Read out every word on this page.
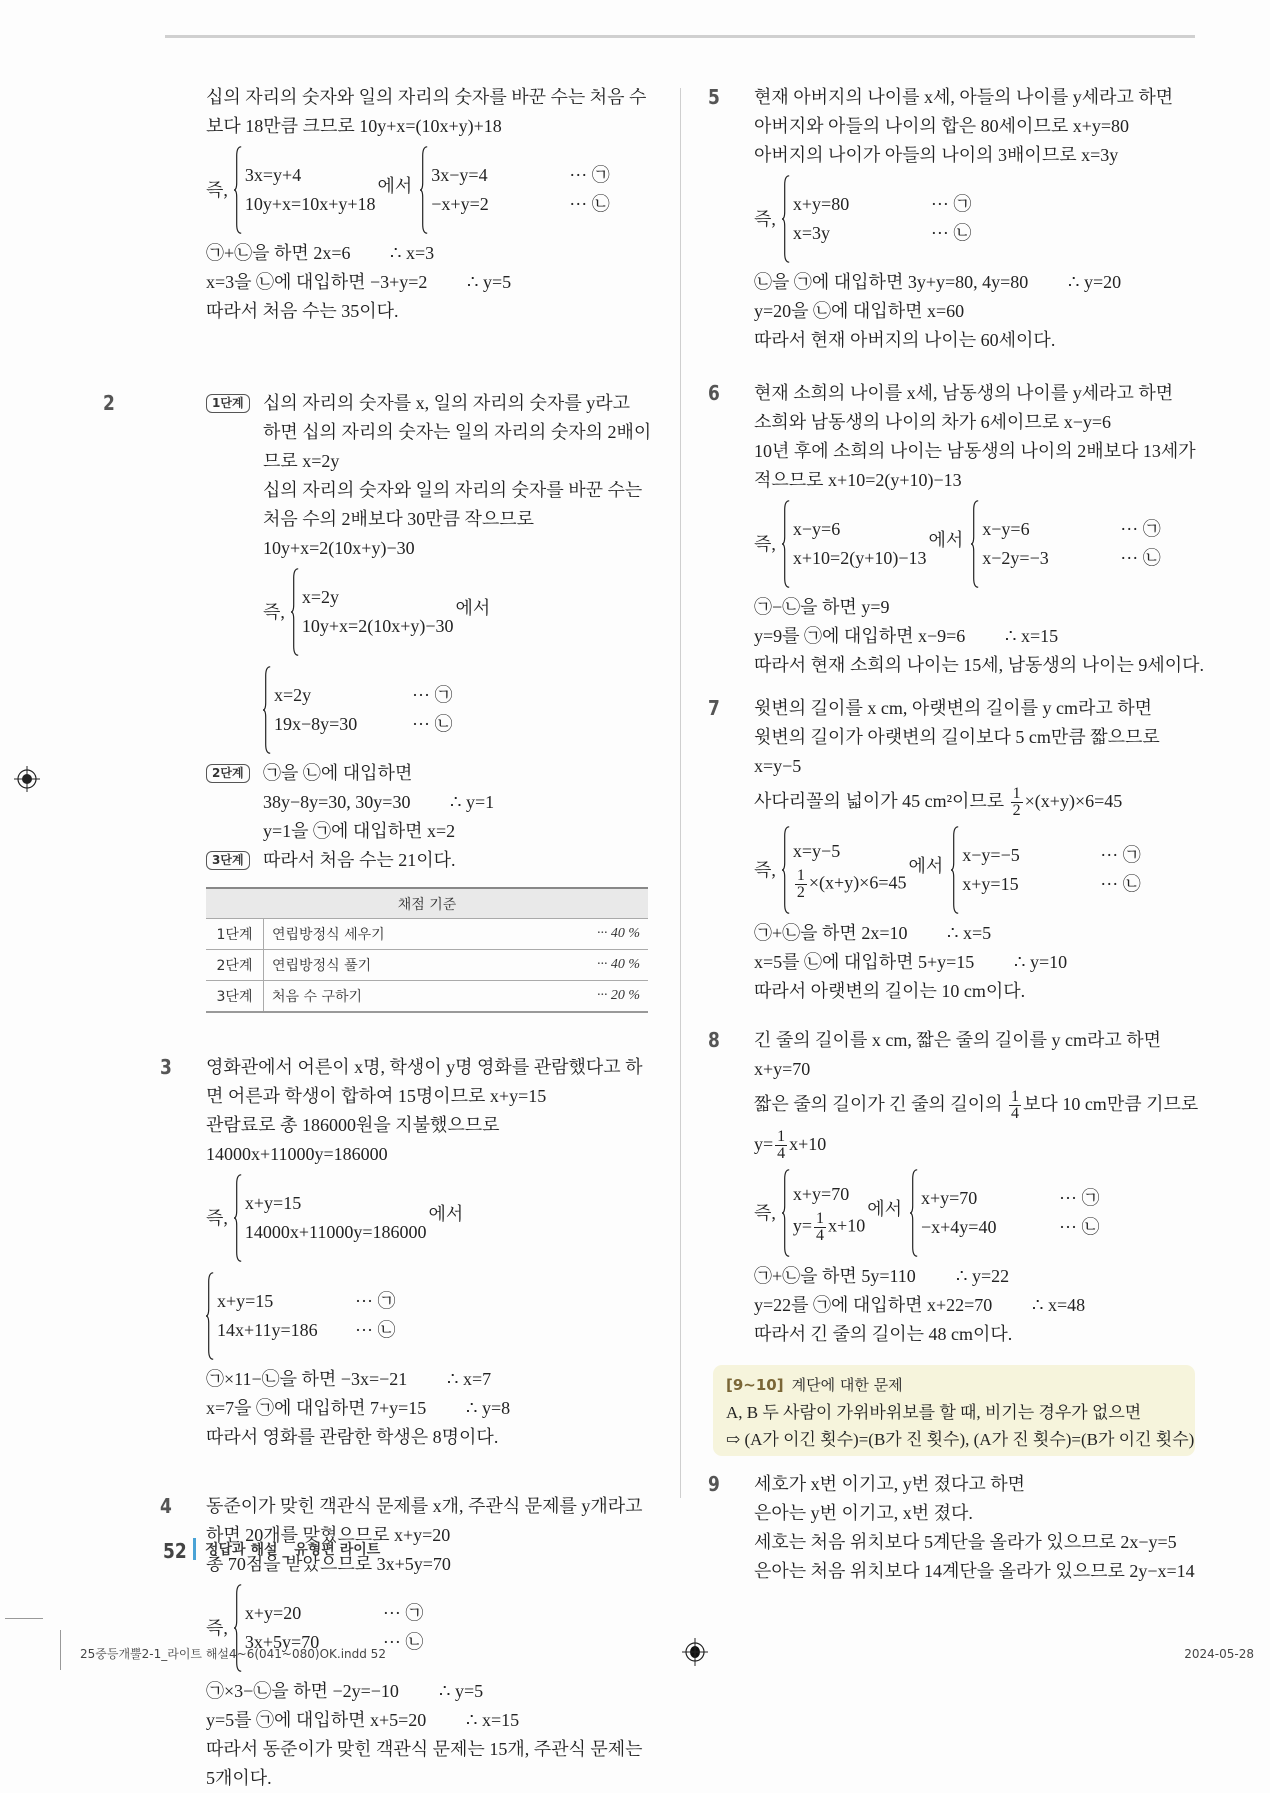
십의 자리의 숫자와 일의 자리의 숫자를 바꾼 수는 처음 수
보다 18만큼 크므로 10y+x=(10x+y)+18
즉,
3x=y+4
10y+x=10x+y+18
에서
3x−y=4	··· ㉠
−x+y=2	··· ㉡
㉠+㉡을 하면 2x=6 ∴ x=3
x=3을 ㉡에 대입하면 −3+y=2 ∴ y=5
따라서 처음 수는 35이다.
2	1단계	십의 자리의 숫자를 x, 일의 자리의 숫자를 y라고
하면 십의 자리의 숫자는 일의 자리의 숫자의 2배이
므로 x=2y
십의 자리의 숫자와 일의 자리의 숫자를 바꾼 수는
처음 수의 2배보다 30만큼 작으므로
10y+x=2(10x+y)−30
즉,
x=2y
10y+x=2(10x+y)−30
에서
x=2y	··· ㉠
19x−8y=30	··· ㉡
2단계	㉠을 ㉡에 대입하면
38y−8y=30, 30y=30 ∴ y=1
y=1을 ㉠에 대입하면 x=2
3단계	따라서 처음 수는 21이다.
채점 기준		
1단계	연립방정식 세우기	··· 40 %
2단계	연립방정식 풀기	··· 40 %
3단계	처음 수 구하기	··· 20 %
3 영화관에서 어른이 x명, 학생이 y명 영화를 관람했다고 하
면 어른과 학생이 합하여 15명이므로 x+y=15
관람료로 총 186000원을 지불했으므로
14000x+11000y=186000
즉,
x+y=15
14000x+11000y=186000
에서
x+y=15	··· ㉠
14x+11y=186	··· ㉡
㉠×11−㉡을 하면 −3x=−21 ∴ x=7
x=7을 ㉠에 대입하면 7+y=15 ∴ y=8
따라서 영화를 관람한 학생은 8명이다.
4 동준이가 맞힌 객관식 문제를 x개, 주관식 문제를 y개라고
하면 20개를 맞혔으므로 x+y=20
총 70점을 받았으므로 3x+5y=70
즉,
x+y=20	··· ㉠
3x+5y=70	··· ㉡
㉠×3−㉡을 하면 −2y=−10 ∴ y=5
y=5를 ㉠에 대입하면 x+5=20 ∴ x=15
따라서 동준이가 맞힌 객관식 문제는 15개, 주관식 문제는
5개이다.
5 현재 아버지의 나이를 x세, 아들의 나이를 y세라고 하면
아버지와 아들의 나이의 합은 80세이므로 x+y=80
아버지의 나이가 아들의 나이의 3배이므로 x=3y
즉,
x+y=80	··· ㉠
x=3y	··· ㉡
㉡을 ㉠에 대입하면 3y+y=80, 4y=80 ∴ y=20
y=20을 ㉡에 대입하면 x=60
따라서 현재 아버지의 나이는 60세이다.
6 현재 소희의 나이를 x세, 남동생의 나이를 y세라고 하면
소희와 남동생의 나이의 차가 6세이므로 x−y=6
10년 후에 소희의 나이는 남동생의 나이의 2배보다 13세가
적으므로 x+10=2(y+10)−13
즉,
x−y=6
x+10=2(y+10)−13
에서
x−y=6	··· ㉠
x−2y=−3	··· ㉡
㉠−㉡을 하면 y=9
y=9를 ㉠에 대입하면 x−9=6 ∴ x=15
따라서 현재 소희의 나이는 15세, 남동생의 나이는 9세이다.
7 윗변의 길이를 x cm, 아랫변의 길이를 y cm라고 하면
윗변의 길이가 아랫변의 길이보다 5 cm만큼 짧으므로
x=y−5
사다리꼴의 넓이가 45 cm²이므로 $\frac{1}{2} \times(x+y)\times 6=45$
즉,
x=y−5
$\frac{1}{2} \times(x+y)\times 6=45$
에서
x−y=−5	··· ㉠
x+y=15	··· ㉡
㉠+㉡을 하면 2x=10 ∴ x=5
x=5를 ㉡에 대입하면 5+y=15 ∴ y=10
따라서 아랫변의 길이는 10 cm이다.
8 긴 줄의 길이를 x cm, 짧은 줄의 길이를 y cm라고 하면
x+y=70
짧은 줄의 길이가 긴 줄의 길이의 $\frac{1}{4}$ 보다 10 cm만큼 기므로
$y= \frac{1}{4} x+10$
즉,
x+y=70
$y= \frac{1}{4} x+10$
에서
x+y=70	··· ㉠
−x+4y=40	··· ㉡
㉠+㉡을 하면 5y=110 ∴ y=22
y=22를 ㉠에 대입하면 x+22=70 ∴ x=48
따라서 긴 줄의 길이는 48 cm이다.
[9~10] 계단에 대한 문제
A, B 두 사람이 가위바위보를 할 때, 비기는 경우가 없으면
⇨ (A가 이긴 횟수)=(B가 진 횟수), (A가 진 횟수)=(B가 이긴 횟수)
9 세호가 x번 이기고, y번 졌다고 하면
은아는 y번 이기고, x번 졌다.
세호는 처음 위치보다 5계단을 올라가 있으므로 2x−y=5
은아는 처음 위치보다 14계단을 올라가 있으므로 2y−x=14
52 정답과 해설 _ 유형편 라이트
25중등개뿔2-1_라이트 해설4~6(041~080)OK.indd 52	2024-05-28
